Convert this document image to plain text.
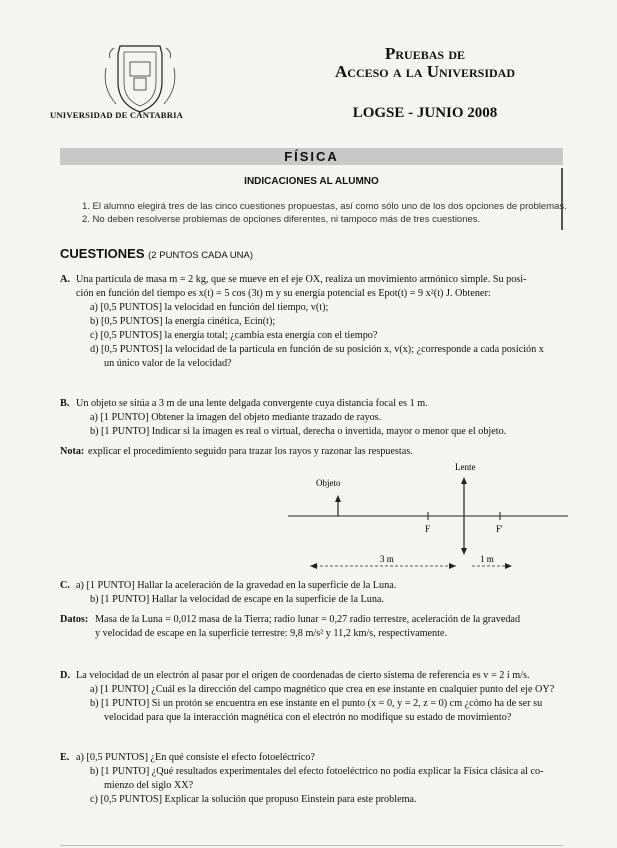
UNIVERSIDAD DE CANTABRIA
Pruebas de
Acceso a la Universidad
LOGSE - JUNIO 2008
FÍSICA
INDICACIONES AL ALUMNO
1. El alumno elegirá tres de las cinco cuestiones propuestas, así como sólo uno de los dos opciones de problemas.
2. No deben resolverse problemas de opciones diferentes, ni tampoco más de tres cuestiones.
CUESTIONES (2 PUNTOS CADA UNA)
A. Una partícula de masa m = 2 kg, que se mueve en el eje OX, realiza un movimiento armónico simple. Su posi-
ción en función del tiempo es x(t) = 5 cos (3t) m y su energía potencial es Epot(t) = 9 x²(t) J. Obtener:
a) [0,5 PUNTOS] la velocidad en función del tiempo, v(t);
b) [0,5 PUNTOS] la energía cinética, Ecin(t);
c) [0,5 PUNTOS] la energía total; ¿cambia esta energía con el tiempo?
d) [0,5 PUNTOS] la velocidad de la partícula en función de su posición x, v(x); ¿corresponde a cada posición x
un único valor de la velocidad?
B. Un objeto se sitúa a 3 m de una lente delgada convergente cuya distancia focal es 1 m.
a) [1 PUNTO] Obtener la imagen del objeto mediante trazado de rayos.
b) [1 PUNTO] Indicar si la imagen es real o virtual, derecha o invertida, mayor o menor que el objeto.
Nota: explicar el procedimiento seguido para trazar los rayos y razonar las respuestas.
Objeto
Lente
F	F'
3 m	1 m
C. a) [1 PUNTO] Hallar la aceleración de la gravedad en la superficie de la Luna.
b) [1 PUNTO] Hallar la velocidad de escape en la superficie de la Luna.
Datos: Masa de la Luna = 0,012 masa de la Tierra; radio lunar = 0,27 radio terrestre, aceleración de la gravedad
y velocidad de escape en la superficie terrestre: 9,8 m/s² y 11,2 km/s, respectivamente.
D. La velocidad de un electrón al pasar por el origen de coordenadas de cierto sistema de referencia es v = 2 i m/s.
a) [1 PUNTO] ¿Cuál es la dirección del campo magnético que crea en ese instante en cualquier punto del eje OY?
b) [1 PUNTO] Si un protón se encuentra en ese instante en el punto (x = 0, y = 2, z = 0) cm ¿cómo ha de ser su
velocidad para que la interacción magnética con el electrón no modifique su estado de movimiento?
E. a) [0,5 PUNTOS] ¿En qué consiste el efecto fotoeléctrico?
b) [1 PUNTO] ¿Qué resultados experimentales del efecto fotoeléctrico no podía explicar la Física clásica al co-
mienzo del siglo XX?
c) [0,5 PUNTOS] Explicar la solución que propuso Einstein para este problema.
